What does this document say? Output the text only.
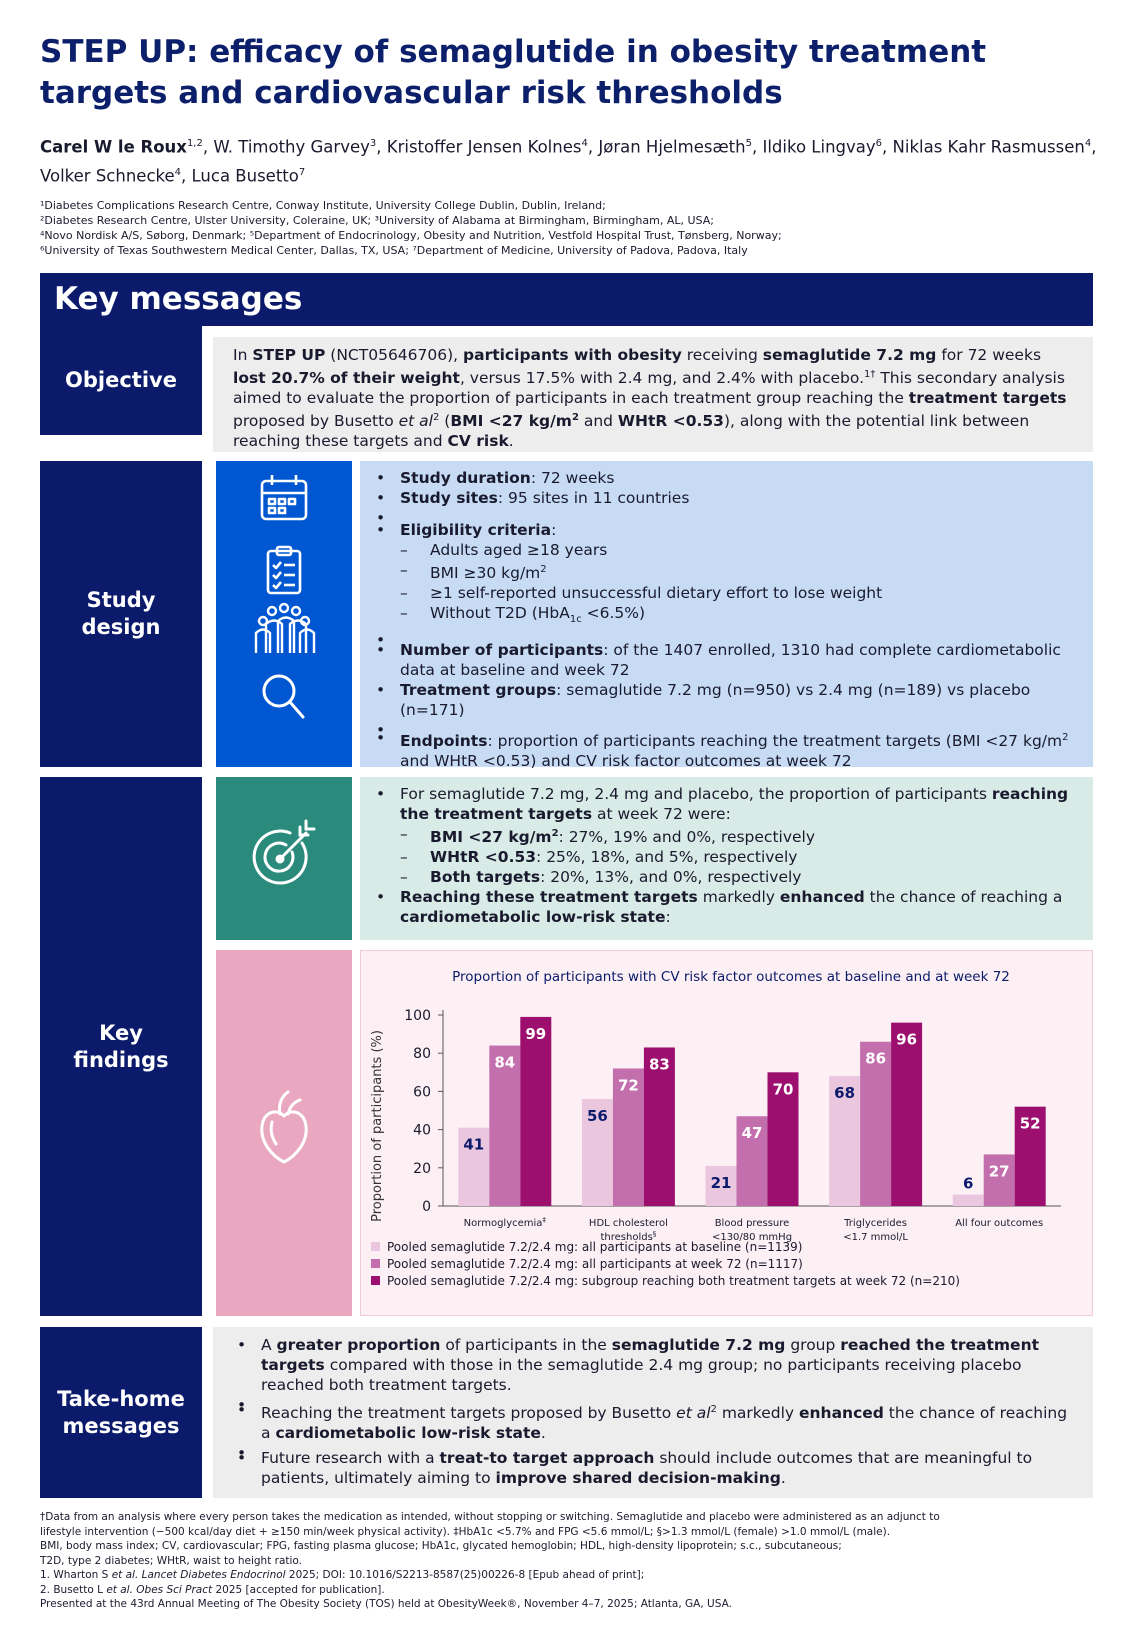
STEP UP: efficacy of semaglutide in obesity treatment targets and cardiovascular risk thresholds
Carel W le Roux$^{1,2}$, W. Timothy Garvey$^3$, Kristoffer Jensen Kolnes$^4$, Jøran Hjelmesæth$^5$, Ildiko Lingvay$^6$, Niklas Kahr Rasmussen$^4$, Volker Schnecke$^4$, Luca Busetto$^7$
¹Diabetes Complications Research Centre, Conway Institute, University College Dublin, Dublin, Ireland;
²Diabetes Research Centre, Ulster University, Coleraine, UK; ³University of Alabama at Birmingham, Birmingham, AL, USA;
⁴Novo Nordisk A/S, Søborg, Denmark; ⁵Department of Endocrinology, Obesity and Nutrition, Vestfold Hospital Trust, Tønsberg, Norway;
⁶University of Texas Southwestern Medical Center, Dallas, TX, USA; ⁷Department of Medicine, University of Padova, Padova, Italy
Key messages
Objective
In STEP UP (NCT05646706), participants with obesity receiving semaglutide 7.2 mg for 72 weeks lost 20.7% of their weight, versus 17.5% with 2.4 mg, and 2.4% with placebo.$^{1\dagger}$ This secondary analysis aimed to evaluate the proportion of participants in each treatment group reaching the treatment targets proposed by Busetto et $al^2$ (BMI <27 $kg/m^2$ and WHtR <0.53), along with the potential link between reaching these targets and CV risk.
Study
design
• Study duration: 72 weeks
• Study sites: 95 sites in 11 countries
•
• Eligibility criteria:
– Adults aged ≥18 years
– BMI ≥30 $kg/m^2$
– ≥1 self-reported unsuccessful dietary effort to lose weight
– Without T2D (HbA$_{1c}$ <6.5%)
•
• Number of participants: of the 1407 enrolled, 1310 had complete cardiometabolic data at baseline and week 72
• Treatment groups: semaglutide 7.2 mg (n=950) vs 2.4 mg (n=189) vs placebo (n=171)
•
• Endpoints: proportion of participants reaching the treatment targets (BMI <27 $kg/m^2$ and WHtR <0.53) and CV risk factor outcomes at week 72
Key
findings
• For semaglutide 7.2 mg, 2.4 mg and placebo, the proportion of participants reaching the treatment targets at week 72 were:
– BMI <27 $kg/m^2$: 27%, 19% and 0%, respectively
– WHtR <0.53: 25%, 18%, and 5%, respectively
– Both targets: 20%, 13%, and 0%, respectively
• Reaching these treatment targets markedly enhanced the chance of reaching a cardiometabolic low-risk state:
Proportion of participants with CV risk factor outcomes at baseline and at week 72
Proportion of participants (%)	0
20
40
60
80
100
41
84
99
56
72
83
21
47
70	68
86
96
6
27
52
Normoglycemia‡	HDL cholesterol
thresholds§
Blood pressure
<130/80 mmHg
Triglycerides
<1.7 mmol/L
All four outcomes
Pooled semaglutide 7.2/2.4 mg: all participants at baseline (n=1139)
Pooled semaglutide 7.2/2.4 mg: all participants at week 72 (n=1117)
Pooled semaglutide 7.2/2.4 mg: subgroup reaching both treatment targets at week 72 (n=210)
Take-home
messages
• A greater proportion of participants in the semaglutide 7.2 mg group reached the treatment targets compared with those in the semaglutide 2.4 mg group; no participants receiving placebo reached both treatment targets.
•
• Reaching the treatment targets proposed by Busetto et $al^2$ markedly enhanced the chance of reaching a cardiometabolic low-risk state.
•
• Future research with a treat-to target approach should include outcomes that are meaningful to patients, ultimately aiming to improve shared decision-making.
†Data from an analysis where every person takes the medication as intended, without stopping or switching. Semaglutide and placebo were administered as an adjunct to
lifestyle intervention (−500 kcal/day diet + ≥150 min/week physical activity). ‡HbA1c <5.7% and FPG <5.6 mmol/L; §>1.3 mmol/L (female) >1.0 mmol/L (male).
BMI, body mass index; CV, cardiovascular; FPG, fasting plasma glucose; HbA1c, glycated hemoglobin; HDL, high-density lipoprotein; s.c., subcutaneous;
T2D, type 2 diabetes; WHtR, waist to height ratio.
1. Wharton S et al. Lancet Diabetes Endocrinol 2025; DOI: 10.1016/S2213-8587(25)00226-8 [Epub ahead of print];
2. Busetto L et al. Obes Sci Pract 2025 [accepted for publication].
Presented at the 43rd Annual Meeting of The Obesity Society (TOS) held at ObesityWeek®, November 4–7, 2025; Atlanta, GA, USA.
